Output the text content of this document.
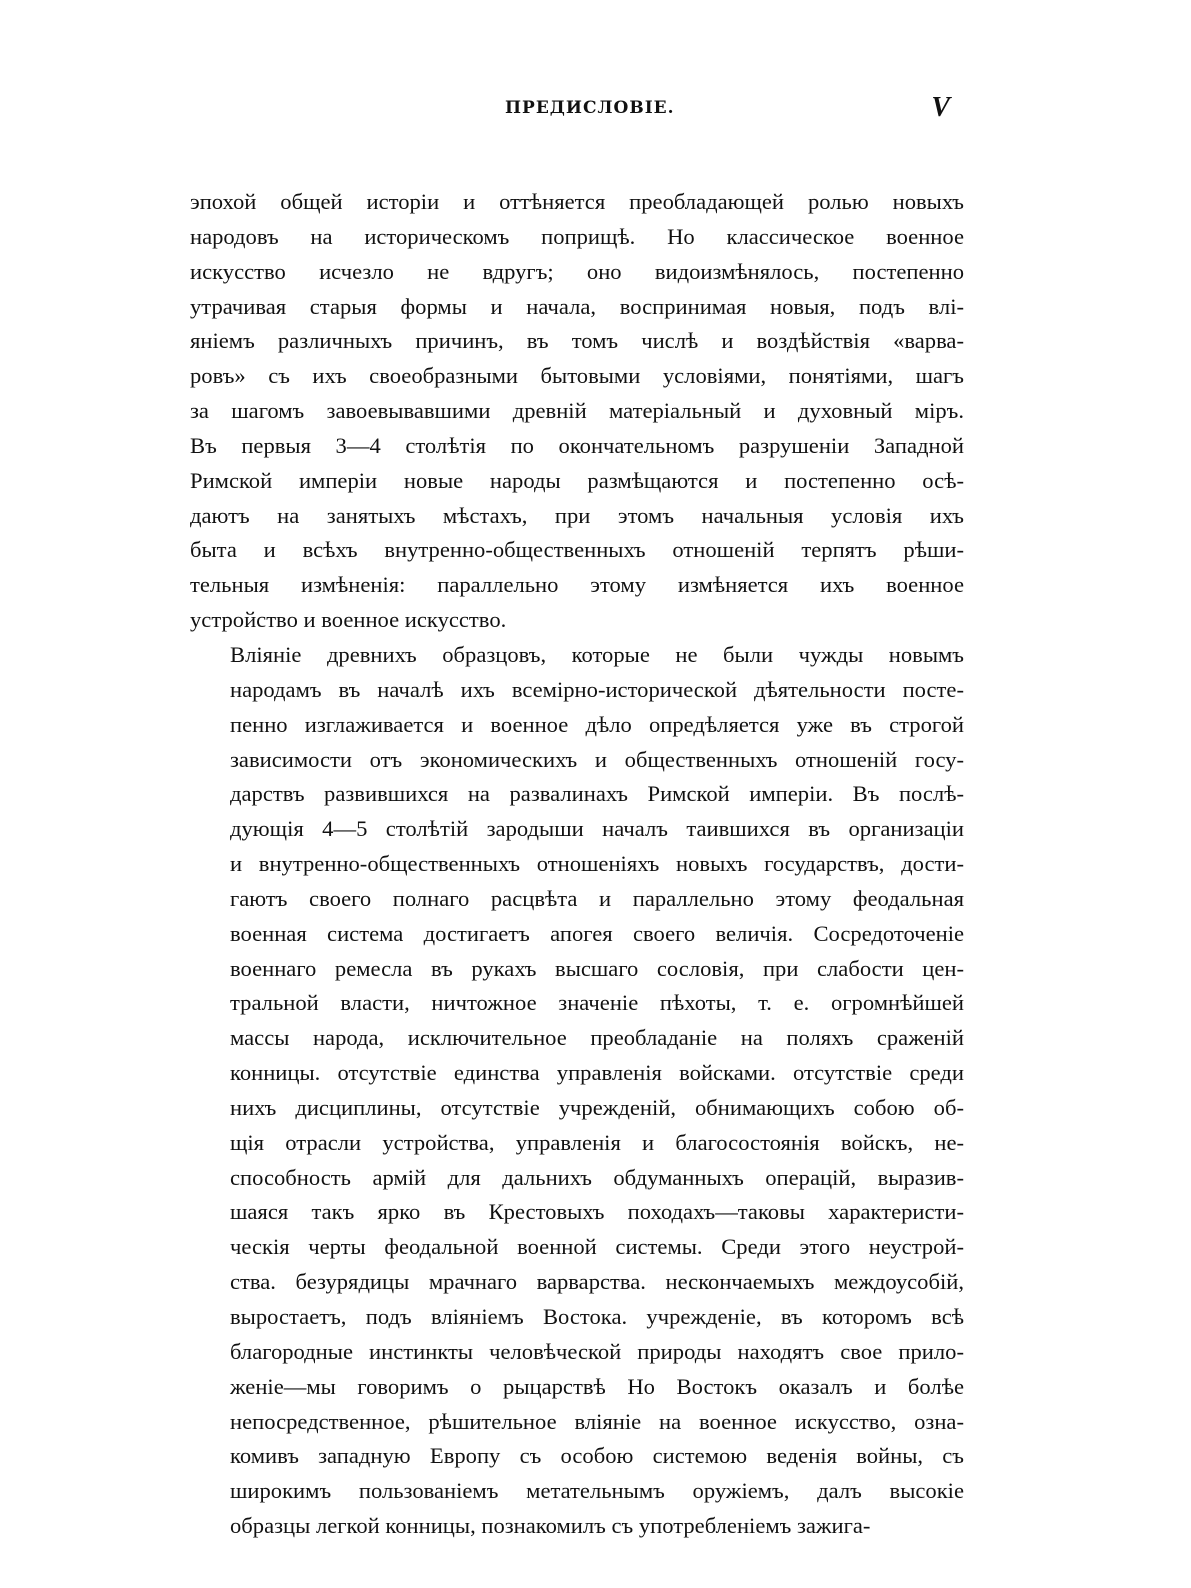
ПРЕДИСЛОВІЕ.	V

эпохой общей исторіи и оттѣняется преобладающей ролью новыхъ
народовъ на историческомъ поприщѣ. Но классическое военное
искусство исчезло не вдругъ; оно видоизмѣнялось, постепенно
утрачивая старыя формы и начала, воспринимая новыя, подъ влі-
яніемъ различныхъ причинъ, въ томъ числѣ и воздѣйствія «варва-
ровъ» съ ихъ своеобразными бытовыми условіями, понятіями, шагъ
за шагомъ завоевывавшими древній матеріальный и духовный міръ.
Въ первыя 3—4 столѣтія по окончательномъ разрушеніи Западной
Римской имперіи новые народы размѣщаются и постепенно осѣ-
даютъ на занятыхъ мѣстахъ, при этомъ начальныя условія ихъ
быта и всѣхъ внутренно-общественныхъ отношеній терпятъ рѣши-
тельныя измѣненія: параллельно этому измѣняется ихъ военное
устройство и военное искусство.

Вліяніе древнихъ образцовъ, которые не были чужды новымъ
народамъ въ началѣ ихъ всемірно-исторической дѣятельности посте-
пенно изглаживается и военное дѣло опредѣляется уже въ строгой
зависимости отъ экономическихъ и общественныхъ отношеній госу-
дарствъ развившихся на развалинахъ Римской имперіи. Въ послѣ-
дующія 4—5 столѣтій зародыши началъ таившихся въ организаціи
и внутренно-общественныхъ отношеніяхъ новыхъ государствъ, дости-
гаютъ своего полнаго расцвѣта и параллельно этому феодальная
военная система достигаетъ апогея своего величія. Сосредоточеніе
военнаго ремесла въ рукахъ высшаго сословія, при слабости цен-
тральной власти, ничтожное значеніе пѣхоты, т. е. огромнѣйшей
массы народа, исключительное преобладаніе на поляхъ сраженій
конницы. отсутствіе единства управленія войсками. отсутствіе среди
нихъ дисциплины, отсутствіе учрежденій, обнимающихъ собою об-
щія отрасли устройства, управленія и благосостоянія войскъ, не-
способность армій для дальнихъ обдуманныхъ операцій, выразив-
шаяся такъ ярко въ Крестовыхъ походахъ—таковы характеристи-
ческія черты феодальной военной системы. Среди этого неустрой-
ства. безурядицы мрачнаго варварства. нескончаемыхъ междоусобій,
выростаетъ, подъ вліяніемъ Востока. учрежденіе, въ которомъ всѣ
благородные инстинкты человѣческой природы находятъ свое прило-
женіе—мы говоримъ о рыцарствѣ Но Востокъ оказалъ и болѣе
непосредственное, рѣшительное вліяніе на военное искусство, озна-
комивъ западную Европу съ особою системою веденія войны, съ
широкимъ пользованіемъ метательнымъ оружіемъ, далъ высокіе
образцы легкой конницы, познакомилъ съ употребленіемъ зажига-
